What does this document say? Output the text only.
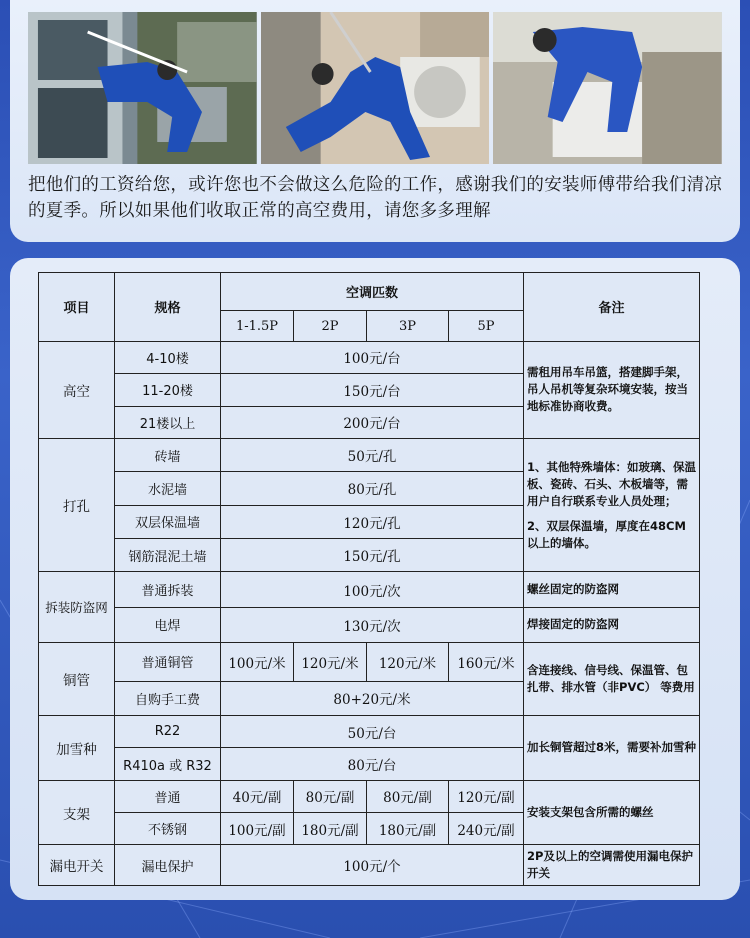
把他们的工资给您，或许您也不会做这么危险的工作，感谢我们的安装师傅带给我们清凉的夏季。所以如果他们收取正常的高空费用，请您多多理解
项目	规格	空调匹数				备注
		1-1.5P	2P	3P	5P	
高空	4-10楼	100元/台				需租用吊车吊篮，搭建脚手架，吊人吊机等复杂环境安装，按当地标准协商收费。
	11-20楼	150元/台				
	21楼以上	200元/台				
打孔	砖墙	50元/孔				1、其他特殊墙体：如玻璃、保温板、瓷砖、石头、木板墙等，需用户自行联系专业人员处理；
2、双层保温墙，厚度在48CM以上的墙体。

	水泥墙	80元/孔				
	双层保温墙	120元/孔				
	钢筋混泥土墙	150元/孔				
拆装防盗网	普通拆装	100元/次				螺丝固定的防盗网
	电焊	130元/次				焊接固定的防盗网
铜管	普通铜管	100元/米	120元/米	120元/米	160元/米	含连接线、信号线、保温管、包扎带、排水管（非PVC） 等费用
	自购手工费	80+20元/米				
加雪种	R22	50元/台				加长铜管超过8米，需要补加雪种
	R410a 或 R32	80元/台				
支架	普通	40元/副	80元/副	80元/副	120元/副	安装支架包含所需的螺丝
	不锈钢	100元/副	180元/副	180元/副	240元/副	
漏电开关	漏电保护	100元/个				2P及以上的空调需使用漏电保护开关
